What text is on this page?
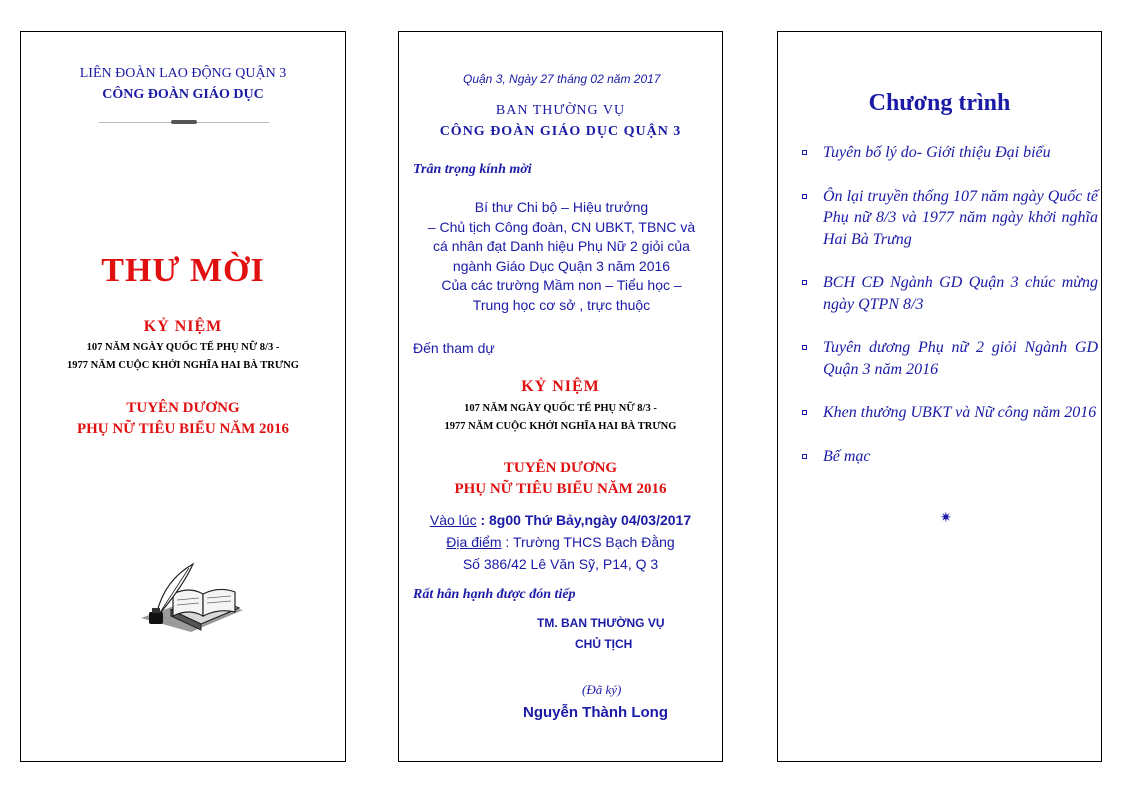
LIÊN ĐOÀN LAO ĐỘNG QUẬN 3
CÔNG ĐOÀN GIÁO DỤC
THƯ MỜI
KỶ NIỆM
107 NĂM NGÀY QUỐC TẾ PHỤ NỮ 8/3 -
1977 NĂM CUỘC KHỞI NGHĨA HAI BÀ TRƯNG
TUYÊN DƯƠNG
PHỤ NỮ TIÊU BIỂU NĂM 2016
Quận 3, Ngày 27 tháng 02 năm 2017
BAN THƯỜNG VỤ
CÔNG ĐOÀN GIÁO DỤC QUẬN 3
Trân trọng kính mời
Bí thư Chi bộ – Hiệu trưởng
– Chủ tịch Công đoàn, CN UBKT, TBNC và
cá nhân đạt Danh hiệu Phụ Nữ 2 giỏi của
ngành Giáo Dục Quận 3 năm 2016
Của các trường Mầm non – Tiểu học –
Trung học cơ sở , trực thuộc
Đến tham dự
KỶ NIỆM
107 NĂM NGÀY QUỐC TẾ PHỤ NỮ 8/3 -
1977 NĂM CUỘC KHỞI NGHĨA HAI BÀ TRƯNG
TUYÊN DƯƠNG
PHỤ NỮ TIÊU BIỂU NĂM 2016
Vào lúc : 8g00 Thứ Bảy,ngày 04/03/2017
Địa điểm : Trường THCS Bạch Đằng
Số 386/42 Lê Văn Sỹ, P14, Q 3
Rất hân hạnh được đón tiếp
TM. BAN THƯỜNG VỤ
CHỦ TỊCH
(Đã ký)
Nguyễn Thành Long
Chương trình
Tuyên bố lý do- Giới thiệu Đại biểu
Ôn lại truyền thống 107 năm ngày Quốc tế Phụ nữ 8/3 và 1977 năm ngày khởi nghĩa Hai Bà Trưng
BCH CĐ Ngành GD Quận 3 chúc mừng ngày QTPN 8/3
Tuyên dương Phụ nữ 2 giỏi Ngành GD Quận 3 năm 2016
Khen thưởng UBKT và Nữ công năm 2016
Bế mạc
✷
